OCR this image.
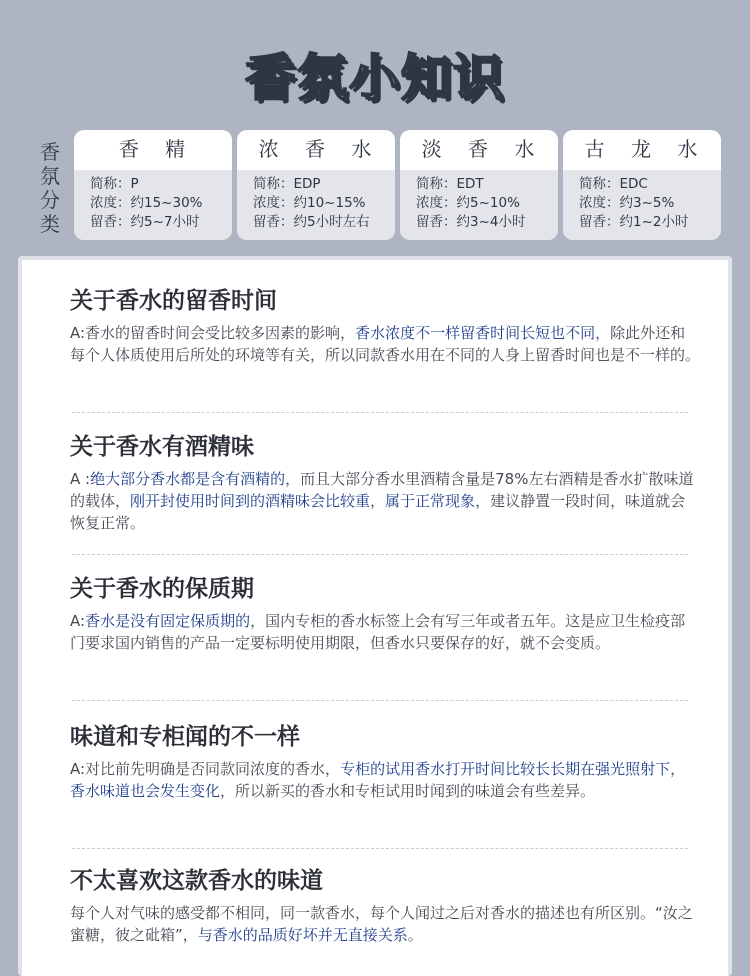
香氛小知识
香
氛
分
类
香 精
简称：P
浓度：约15~30%
留香：约5~7小时
浓 香 水
简称：EDP
浓度：约10~15%
留香：约5小时左右
淡 香 水
简称：EDT
浓度：约5~10%
留香：约3~4小时
古 龙 水
简称：EDC
浓度：约3~5%
留香：约1~2小时
关于香水的留香时间

A:香水的留香时间会受比较多因素的影响，香水浓度不一样留香时间长短也不同，除此外还和每个人体质使用后所处的环境等有关，所以同款香水用在不同的人身上留香时间也是不一样的。

关于香水有酒精味

A :绝大部分香水都是含有酒精的，而且大部分香水里酒精含量是78%左右酒精是香水扩散味道的载体，刚开封使用时间到的酒精味会比较重，属于正常现象，建议静置一段时间，味道就会恢复正常。

关于香水的保质期

A:香水是没有固定保质期的，国内专柜的香水标签上会有写三年或者五年。这是应卫生检疫部门要求国内销售的产品一定要标明使用期限，但香水只要保存的好，就不会变质。

味道和专柜闻的不一样

A:对比前先明确是否同款同浓度的香水，专柜的试用香水打开时间比较长长期在强光照射下，香水味道也会发生变化，所以新买的香水和专柜试用时闻到的味道会有些差异。

不太喜欢这款香水的味道

每个人对气味的感受都不相同，同一款香水，每个人闻过之后对香水的描述也有所区别。“汝之蜜糖，彼之砒箱”，与香水的品质好坏并无直接关系。
